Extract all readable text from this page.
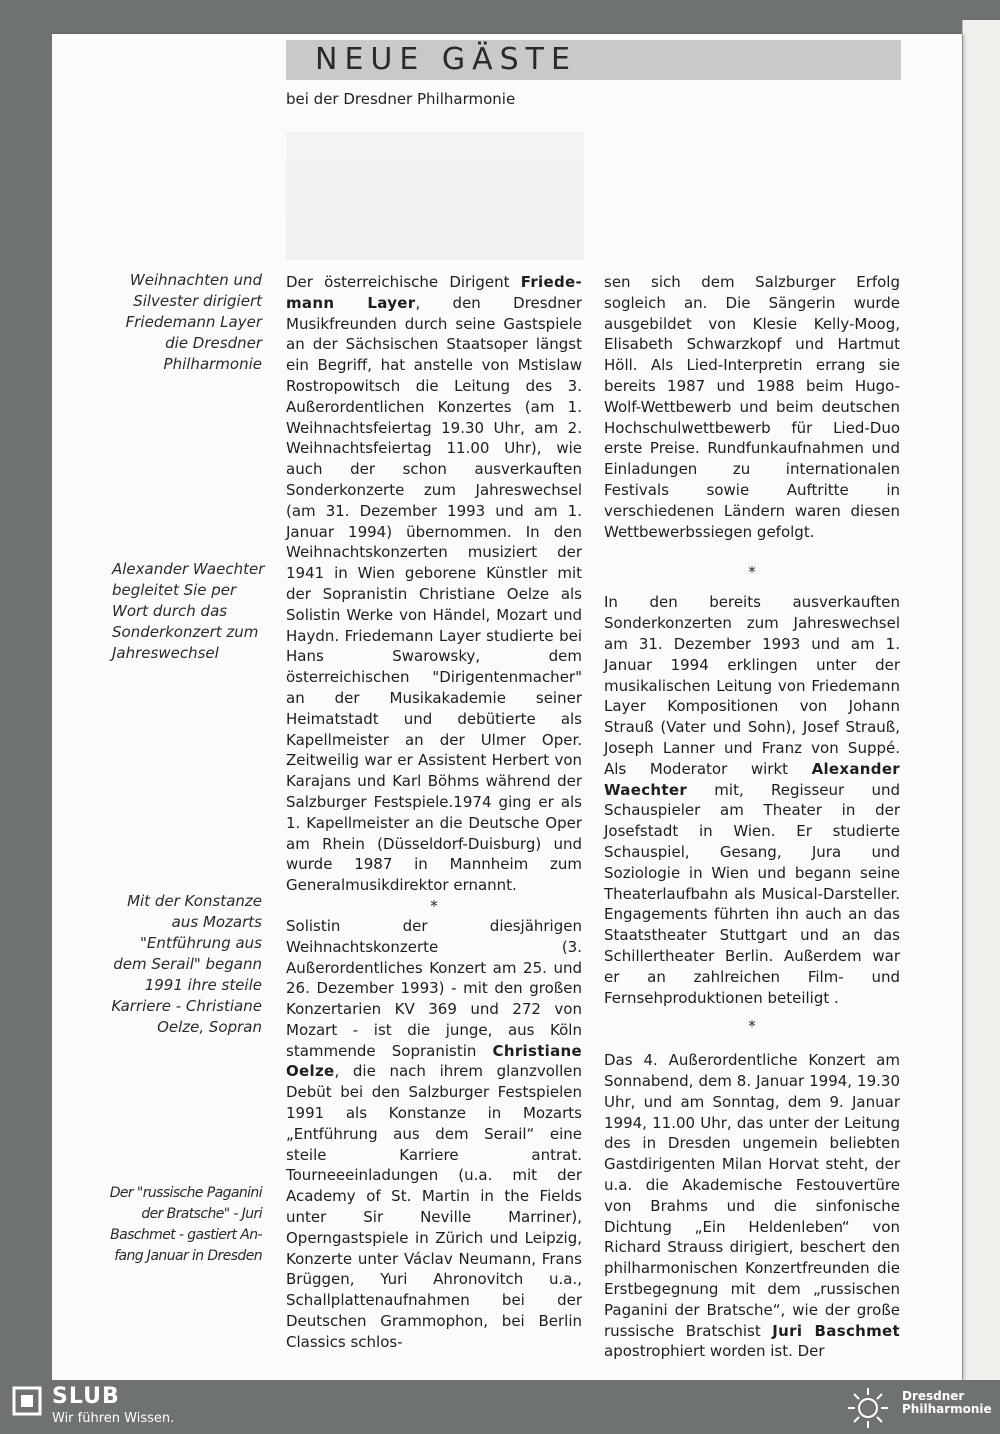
NEUE GÄSTE
bei der Dresdner Philharmonie
Weihnachten und
Silvester dirigiert
Friedemann Layer
die Dresdner
Philharmonie
Alexander Waechter
begleitet Sie per
Wort durch das
Sonderkonzert zum
Jahreswechsel
Mit der Konstanze
aus Mozarts
"Entführung aus
dem Serail" begann
1991 ihre steile
Karriere - Christiane
Oelze, Sopran
Der "russische Paganini
der Bratsche" - Juri
Baschmet - gastiert An-
fang Januar in Dresden

Der österreichische Dirigent Friede-mann Layer, den Dresdner Musikfreunden durch seine Gastspiele an der Sächsischen Staatsoper längst ein Begriff, hat anstelle von Mstislaw Rostropowitsch die Leitung des 3. Außerordentlichen Konzertes (am 1. Weihnachtsfeiertag 19.30 Uhr, am 2. Weihnachtsfeiertag 11.00 Uhr), wie auch der schon ausverkauften Sonderkonzerte zum Jahreswechsel (am 31. Dezember 1993 und am 1. Januar 1994) übernommen. In den Weihnachtskonzerten musiziert der 1941 in Wien geborene Künstler mit der Sopranistin Christiane Oelze als Solistin Werke von Händel, Mozart und Haydn. Friedemann Layer studierte bei Hans Swarowsky, dem österreichischen "Dirigentenmacher" an der Musikakademie seiner Heimatstadt und debütierte als Kapellmeister an der Ulmer Oper. Zeitweilig war er Assistent Herbert von Karajans und Karl Böhms während der Salzburger Festspiele.1974 ging er als 1. Kapellmeister an die Deutsche Oper am Rhein (Düsseldorf-Duisburg) und wurde 1987 in Mannheim zum Generalmusikdirektor ernannt.

*

Solistin der diesjährigen Weihnachtskonzerte (3. Außerordentliches Konzert am 25. und 26. Dezember 1993) - mit den großen Konzertarien KV 369 und 272 von Mozart - ist die junge, aus Köln stammende Sopranistin Christiane Oelze, die nach ihrem glanzvollen Debüt bei den Salzburger Festspielen 1991 als Konstanze in Mozarts „Entführung aus dem Serail“ eine steile Karriere antrat. Tourneeeinladungen (u.a. mit der Academy of St. Martin in the Fields unter Sir Neville Marriner), Operngastspiele in Zürich und Leipzig, Konzerte unter Václav Neumann, Frans Brüggen, Yuri Ahronovitch u.a., Schallplattenaufnahmen bei der Deutschen Grammophon, bei Berlin Classics schlos-

sen sich dem Salzburger Erfolg sogleich an. Die Sängerin wurde ausgebildet von Klesie Kelly-Moog, Elisabeth Schwarzkopf und Hartmut Höll. Als Lied-Interpretin errang sie bereits 1987 und 1988 beim Hugo-Wolf-Wettbewerb und beim deutschen Hochschulwettbewerb für Lied-Duo erste Preise. Rundfunkaufnahmen und Einladungen zu internationalen Festivals sowie Auftritte in verschiedenen Ländern waren diesen Wettbewerbssiegen gefolgt.

*

In den bereits ausverkauften Sonderkonzerten zum Jahreswechsel am 31. Dezember 1993 und am 1. Januar 1994 erklingen unter der musikalischen Leitung von Friedemann Layer Kompositionen von Johann Strauß (Vater und Sohn), Josef Strauß, Joseph Lanner und Franz von Suppé. Als Moderator wirkt Alexander Waechter mit, Regisseur und Schauspieler am Theater in der Josefstadt in Wien. Er studierte Schauspiel, Gesang, Jura und Soziologie in Wien und begann seine Theaterlaufbahn als Musical-Darsteller. Engagements führten ihn auch an das Staatstheater Stuttgart und an das Schillertheater Berlin. Außerdem war er an zahlreichen Film- und Fernsehproduktionen beteiligt .

*

Das 4. Außerordentliche Konzert am Sonnabend, dem 8. Januar 1994, 19.30 Uhr, und am Sonntag, dem 9. Januar 1994, 11.00 Uhr, das unter der Leitung des in Dresden ungemein beliebten Gastdirigenten Milan Horvat steht, der u.a. die Akademische Festouvertüre von Brahms und die sinfonische Dichtung „Ein Heldenleben“ von Richard Strauss dirigiert, beschert den philharmonischen Konzertfreunden die Erstbegegnung mit dem „russischen Paganini der Bratsche“, wie der große russische Bratschist Juri Baschmet apostrophiert worden ist. Der

SLUB
Wir führen Wissen.
Dresdner
Philharmonie
